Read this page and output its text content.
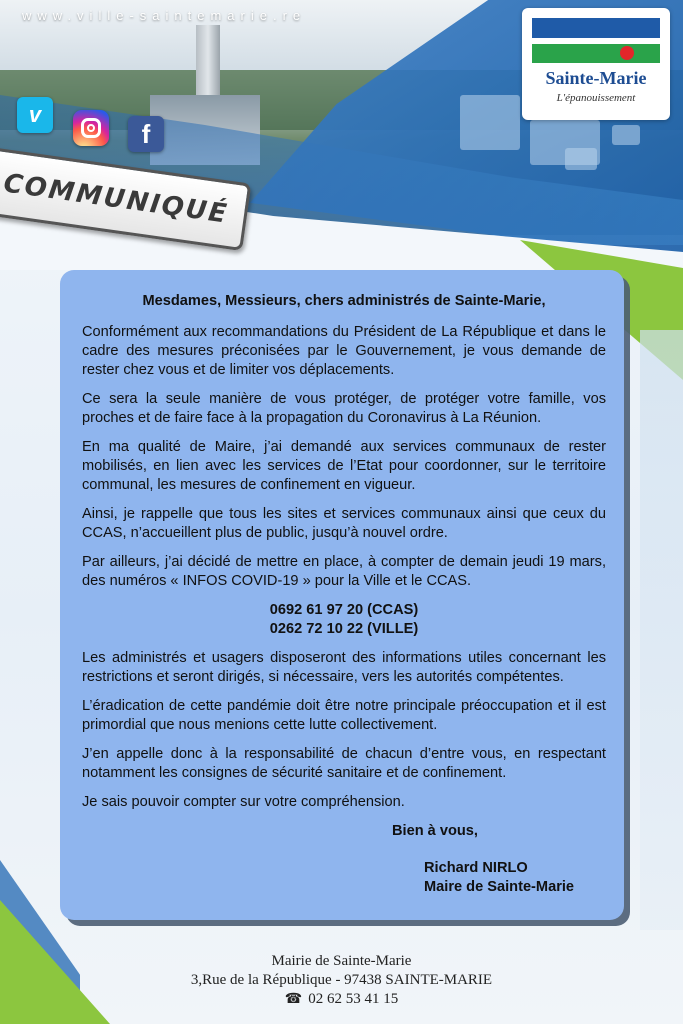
www.ville-saintemarie.re
Sainte-Marie
L'épanouissement
v
f
COMMUNIQUÉ

Mesdames, Messieurs, chers administrés de Sainte-Marie,

Conformément aux recommandations du Président de La République et dans le cadre des mesures préconisées par le Gouvernement, je vous demande de rester chez vous et de limiter vos déplacements.

Ce sera la seule manière de vous protéger, de protéger votre famille, vos proches et de faire face à la propagation du Coronavirus à La Réunion.

En ma qualité de Maire, j’ai demandé aux services communaux de rester mobilisés, en lien avec les services de l’Etat pour coordonner, sur le territoire communal, les mesures de confinement en vigueur.

Ainsi, je rappelle que tous les sites et services communaux ainsi que ceux du CCAS, n’accueillent plus de public, jusqu’à nouvel ordre.

Par ailleurs, j’ai décidé de mettre en place, à compter de demain jeudi 19 mars, des numéros « INFOS COVID-19 » pour la Ville et le CCAS.

0692 61 97 20 (CCAS)
0262 72 10 22 (VILLE)

Les administrés et usagers disposeront des informations utiles concernant les restrictions et seront dirigés, si nécessaire, vers les autorités compétentes.

L’éradication de cette pandémie doit être notre principale préoccupation et il est primordial que nous menions cette lutte collectivement.

J’en appelle donc à la responsabilité de chacun d’entre vous, en respectant notamment les consignes de sécurité sanitaire et de confinement.

Je sais pouvoir compter sur votre compréhension.

Bien à vous,
Richard NIRLO
Maire de Sainte-Marie
Mairie de Sainte-Marie
3,Rue de la République - 97438 SAINTE-MARIE
☎ 02 62 53 41 15
